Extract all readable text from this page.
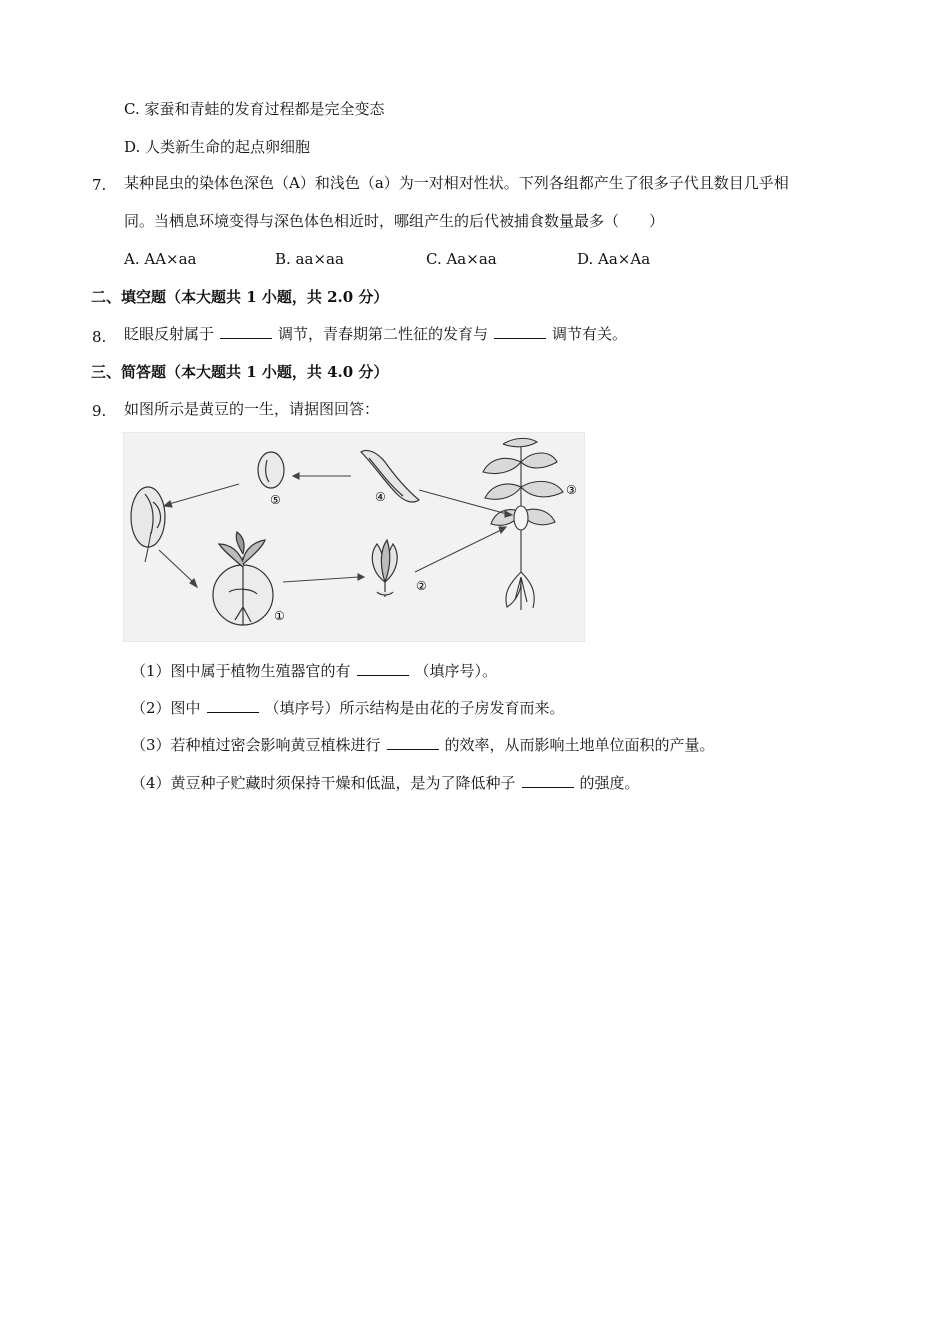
C. 家蚕和青蛙的发育过程都是完全变态
D. 人类新生命的起点卵细胞
7. 某种昆虫的染体色深色（A）和浅色（a）为一对相对性状。下列各组都产生了很多子代且数目几乎相
同。当栖息环境变得与深色体色相近时，哪组产生的后代被捕食数量最多（　　）
A. AA×aa	B. aa×aa	C. Aa×aa	D. Aa×Aa
二、填空题（本大题共 1 小题，共 2.0 分）
8. 眨眼反射属于	调节，青春期第二性征的发育与	调节有关。
三、简答题（本大题共 1 小题，共 4.0 分）
9. 如图所示是黄豆的一生，请据图回答：
①
②
③
④
⑤
（1）图中属于植物生殖器官的有	（填序号）。
（2）图中	（填序号）所示结构是由花的子房发育而来。
（3）若种植过密会影响黄豆植株进行	的效率，从而影响土地单位面积的产量。
（4）黄豆种子贮藏时须保持干燥和低温，是为了降低种子	的强度。
